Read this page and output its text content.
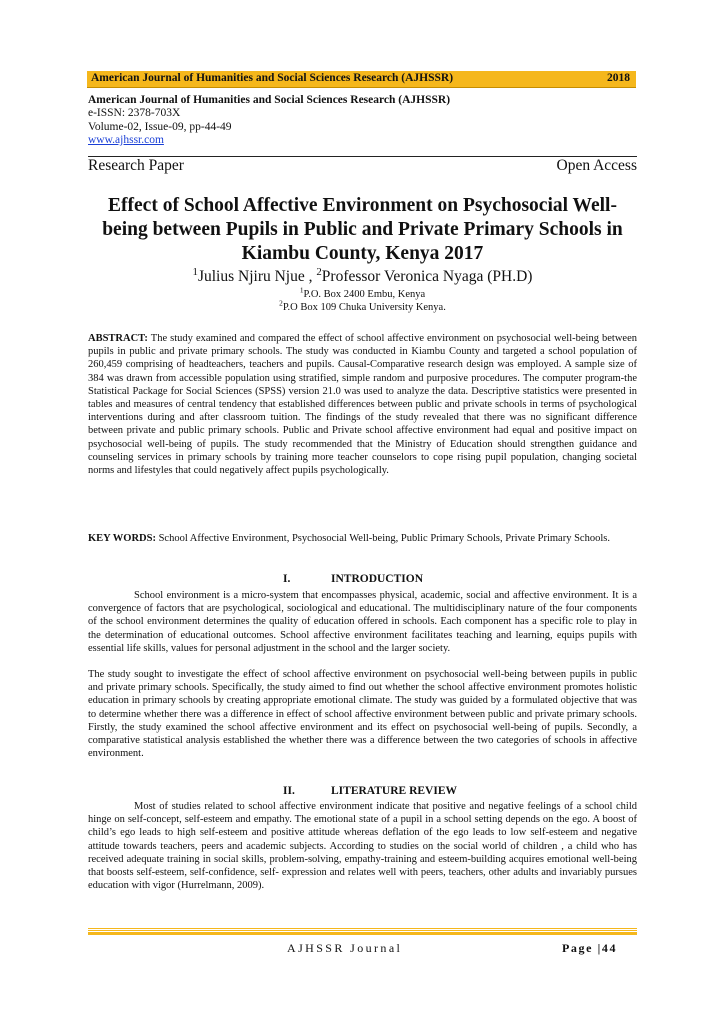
American Journal of Humanities and Social Sciences Research (AJHSSR)	2018
American Journal of Humanities and Social Sciences Research (AJHSSR)
e-ISSN: 2378-703X
Volume-02, Issue-09, pp-44-49
www.ajhssr.com
Research Paper	Open Access
Effect of School Affective Environment on Psychosocial Well-being between Pupils in Public and Private Primary Schools in Kiambu County, Kenya 2017
$^1$Julius Njiru Njue , $^2$Professor Veronica Nyaga (PH.D)
$^1$P.O. Box 2400 Embu, Kenya
$^2$P.O Box 109 Chuka University Kenya.
ABSTRACT: The study examined and compared the effect of school affective environment on psychosocial well-being between pupils in public and private primary schools. The study was conducted in Kiambu County and targeted a school population of 260,459 comprising of headteachers, teachers and pupils. Causal-Comparative research design was employed. A sample size of 384 was drawn from accessible population using stratified, simple random and purposive procedures. The computer program-the Statistical Package for Social Sciences (SPSS) version 21.0 was used to analyze the data. Descriptive statistics were presented in tables and measures of central tendency that established differences between public and private schools in terms of psychological interventions during and after classroom tuition. The findings of the study revealed that there was no significant difference between private and public primary schools. Public and Private school affective environment had equal and positive impact on psychosocial well-being of pupils. The study recommended that the Ministry of Education should strengthen guidance and counseling services in primary schools by training more teacher counselors to cope rising pupil population, changing societal norms and lifestyles that could negatively affect pupils psychologically.
KEY WORDS: School Affective Environment, Psychosocial Well-being, Public Primary Schools, Private Primary Schools.
I.	INTRODUCTION
School environment is a micro-system that encompasses physical, academic, social and affective environment. It is a convergence of factors that are psychological, sociological and educational. The multidisciplinary nature of the four components of the school environment determines the quality of education offered in schools. Each component has a specific role to play in the determination of educational outcomes. School affective environment facilitates teaching and learning, equips pupils with essential life skills, values for personal adjustment in the school and the larger society.
The study sought to investigate the effect of school affective environment on psychosocial well-being between pupils in public and private primary schools. Specifically, the study aimed to find out whether the school affective environment promotes holistic education in primary schools by creating appropriate emotional climate. The study was guided by a formulated objective that was to determine whether there was a difference in effect of school affective environment between public and private primary schools. Firstly, the study examined the school affective environment and its effect on psychosocial well-being of pupils. Secondly, a comparative statistical analysis established the whether there was a difference between the two categories of schools in affective environment.
II.	LITERATURE REVIEW
Most of studies related to school affective environment indicate that positive and negative feelings of a school child hinge on self-concept, self-esteem and empathy. The emotional state of a pupil in a school setting depends on the ego. A boost of child’s ego leads to high self-esteem and positive attitude whereas deflation of the ego leads to low self-esteem and negative attitude towards teachers, peers and academic subjects. According to studies on the social world of children , a child who has received adequate training in social skills, problem-solving, empathy-training and esteem-building acquires emotional well-being that boosts self-esteem, self-confidence, self- expression and relates well with peers, teachers, other adults and invariably pursues education with vigor (Hurrelmann, 2009).
AJHSSR Journal	Page |44
